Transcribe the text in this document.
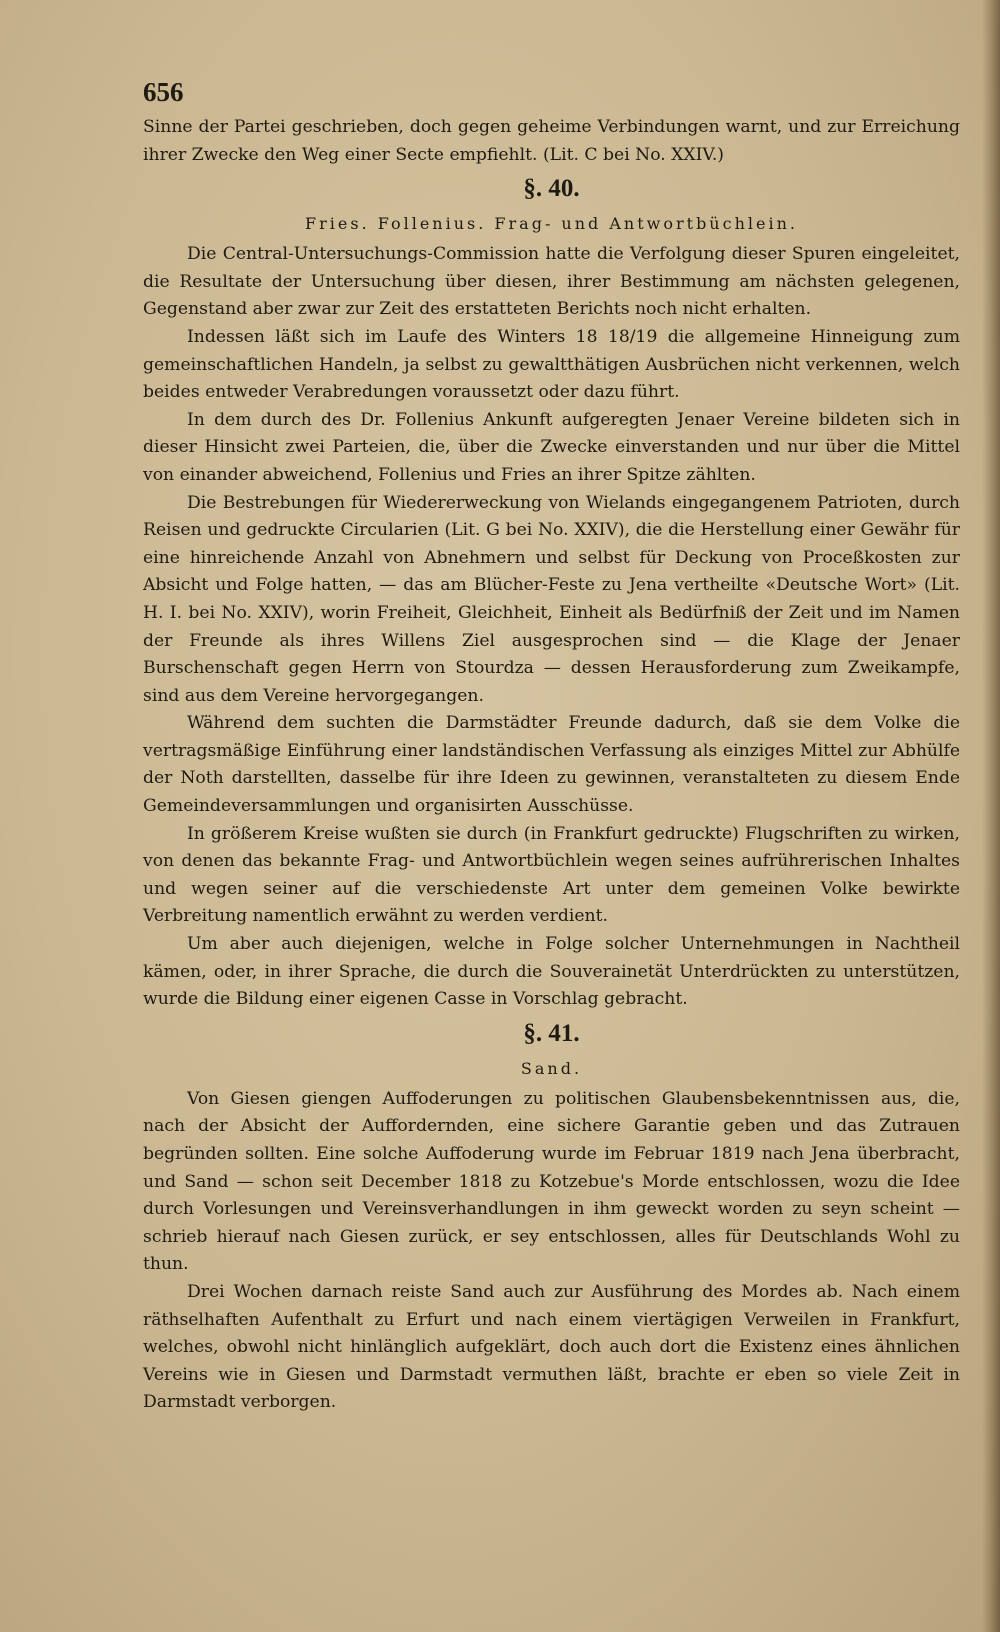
656

Sinne der Partei geschrieben, doch gegen geheime Verbindungen warnt, und zur Erreichung ihrer Zwecke den Weg einer Secte empfiehlt. (Lit. C bei No. XXIV.)

§. 40.
Fries. Follenius. Frag- und Antwortbüchlein.

Die Central-Untersuchungs-Commission hatte die Verfolgung dieser Spuren eingeleitet, die Resultate der Untersuchung über diesen, ihrer Bestimmung am nächsten gelegenen, Gegenstand aber zwar zur Zeit des erstatteten Berichts noch nicht erhalten.

Indessen läßt sich im Laufe des Winters 18 18/19 die allgemeine Hinneigung zum gemeinschaftlichen Handeln, ja selbst zu gewaltthätigen Ausbrüchen nicht verkennen, welch beides entweder Verabredungen voraussetzt oder dazu führt.

In dem durch des Dr. Follenius Ankunft aufgeregten Jenaer Vereine bildeten sich in dieser Hinsicht zwei Parteien, die, über die Zwecke einverstanden und nur über die Mittel von einander abweichend, Follenius und Fries an ihrer Spitze zählten.

Die Bestrebungen für Wiedererweckung von Wielands eingegangenem Patrioten, durch Reisen und gedruckte Circularien (Lit. G bei No. XXIV), die die Herstellung einer Gewähr für eine hinreichende Anzahl von Abnehmern und selbst für Deckung von Proceßkosten zur Absicht und Folge hatten, — das am Blücher-Feste zu Jena vertheilte «Deutsche Wort» (Lit. H. I. bei No. XXIV), worin Freiheit, Gleichheit, Einheit als Bedürfniß der Zeit und im Namen der Freunde als ihres Willens Ziel ausgesprochen sind — die Klage der Jenaer Burschenschaft gegen Herrn von Stourdza — dessen Herausforderung zum Zweikampfe, sind aus dem Vereine hervorgegangen.

Während dem suchten die Darmstädter Freunde dadurch, daß sie dem Volke die vertragsmäßige Einführung einer landständischen Verfassung als einziges Mittel zur Abhülfe der Noth darstellten, dasselbe für ihre Ideen zu gewinnen, veranstalteten zu diesem Ende Gemeindeversammlungen und organisirten Ausschüsse.

In größerem Kreise wußten sie durch (in Frankfurt gedruckte) Flugschriften zu wirken, von denen das bekannte Frag- und Antwortbüchlein wegen seines aufrührerischen Inhaltes und wegen seiner auf die verschiedenste Art unter dem gemeinen Volke bewirkte Verbreitung namentlich erwähnt zu werden verdient.

Um aber auch diejenigen, welche in Folge solcher Unternehmungen in Nachtheil kämen, oder, in ihrer Sprache, die durch die Souverainetät Unterdrückten zu unterstützen, wurde die Bildung einer eigenen Casse in Vorschlag gebracht.

§. 41.
Sand.

Von Giesen giengen Auffoderungen zu politischen Glaubensbekenntnissen aus, die, nach der Absicht der Auffordernden, eine sichere Garantie geben und das Zutrauen begründen sollten. Eine solche Auffoderung wurde im Februar 1819 nach Jena überbracht, und Sand — schon seit December 1818 zu Kotzebue's Morde entschlossen, wozu die Idee durch Vorlesungen und Vereinsverhandlungen in ihm geweckt worden zu seyn scheint — schrieb hierauf nach Giesen zurück, er sey entschlossen, alles für Deutschlands Wohl zu thun.

Drei Wochen darnach reiste Sand auch zur Ausführung des Mordes ab. Nach einem räthselhaften Aufenthalt zu Erfurt und nach einem viertägigen Verweilen in Frankfurt, welches, obwohl nicht hinlänglich aufgeklärt, doch auch dort die Existenz eines ähnlichen Vereins wie in Giesen und Darmstadt vermuthen läßt, brachte er eben so viele Zeit in Darmstadt verborgen.
